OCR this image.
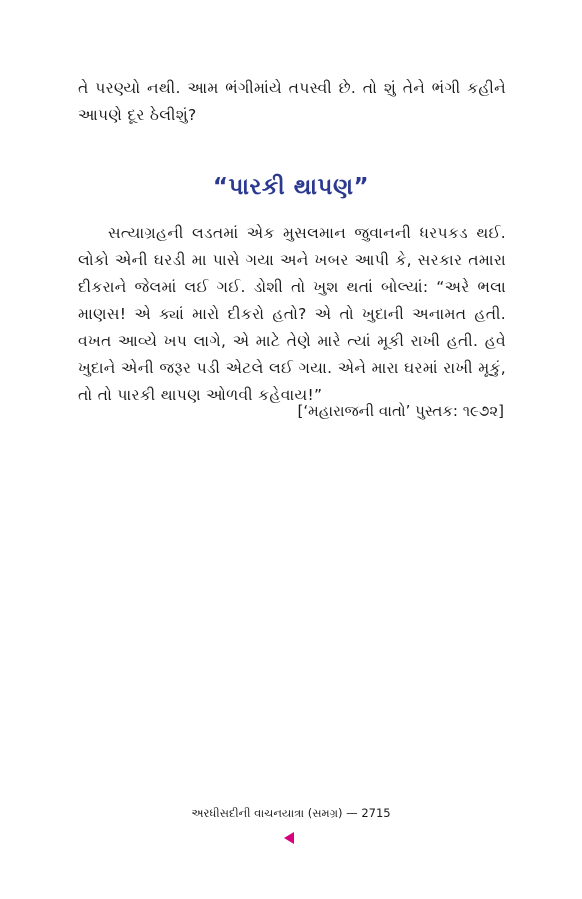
તે પરણ્યો નથી. આમ ભંગીમાંયે તપસ્વી છે. તો શું તેને ભંગી કહીને આપણે દૂર ઠેલીશું?

“પારકી થાપણ”

સત્યાગ્રહની લડતમાં એક મુસલમાન જુવાનની ધરપકડ થઈ. લોકો એની ઘરડી મા પાસે ગયા અને ખબર આપી કે, સરકાર તમારા દીકરાને જેલમાં લઈ ગઈ. ડોશી તો ખુશ થતાં બોલ્યાં: “અરે ભલા માણસ! એ ક્યાં મારો દીકરો હતો? એ તો ખુદાની અનામત હતી. વખત આવ્યે ખપ લાગે, એ માટે તેણે મારે ત્યાં મૂકી રાખી હતી. હવે ખુદાને એની જરૂર પડી એટલે લઈ ગયા. એને મારા ઘરમાં રાખી મૂકું, તો તો પારકી થાપણ ઓળવી કહેવાય!”

[‘મહારાજની વાતો’ પુસ્તક: ૧૯૭૨]

અરધીસદીની વાચનયાત્રા (સમગ્ર) — 2715
